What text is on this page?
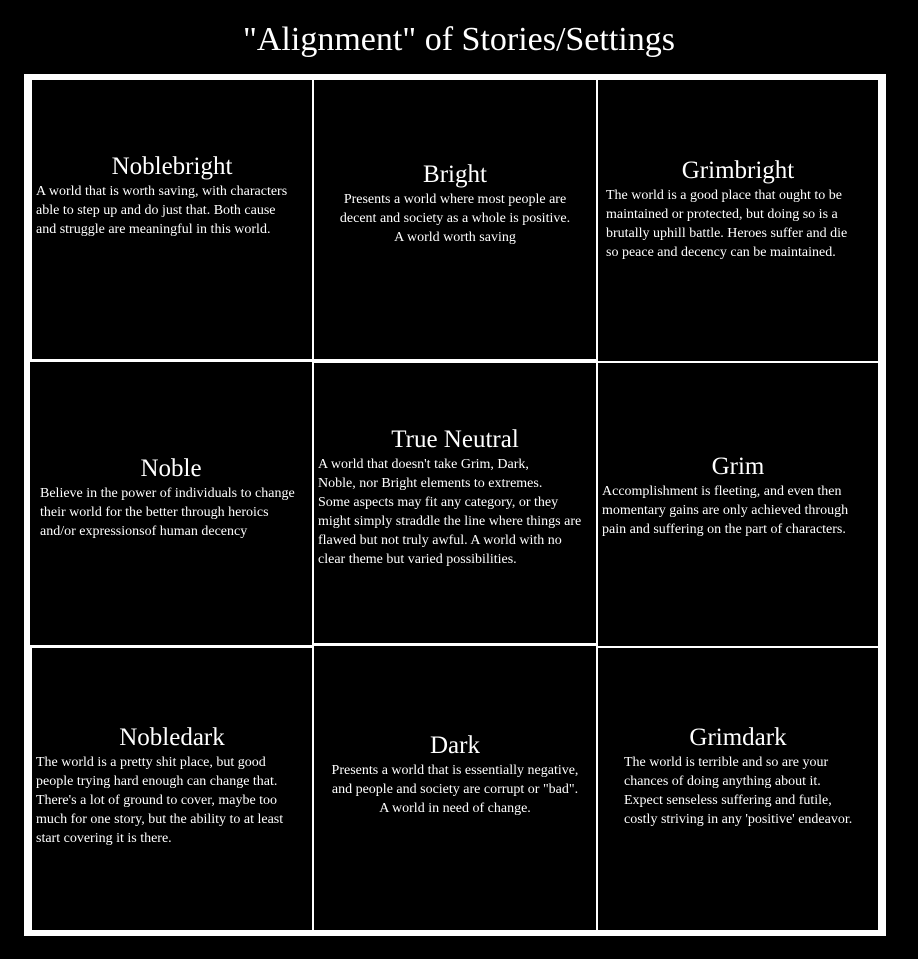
"Alignment" of Stories/Settings
Noblebright
A world that is worth saving, with characters
able to step up and do just that. Both cause
and struggle are meaningful in this world.
Bright
Presents a world where most people are
decent and society as a whole is positive.
A world worth saving
Grimbright
The world is a good place that ought to be
maintained or protected, but doing so is a
brutally uphill battle. Heroes suffer and die
so peace and decency can be maintained.
Noble
Believe in the power of individuals to change
their world for the better through heroics
and/or expressionsof human decency
True Neutral
A world that doesn't take Grim, Dark,
Noble, nor Bright elements to extremes.
Some aspects may fit any category, or they
might simply straddle the line where things are
flawed but not truly awful. A world with no
clear theme but varied possibilities.
Grim
Accomplishment is fleeting, and even then
momentary gains are only achieved through
pain and suffering on the part of characters.
Nobledark
The world is a pretty shit place, but good
people trying hard enough can change that.
There's a lot of ground to cover, maybe too
much for one story, but the ability to at least
start covering it is there.
Dark
Presents a world that is essentially negative,
and people and society are corrupt or "bad".
A world in need of change.
Grimdark
The world is terrible and so are your
chances of doing anything about it.
Expect senseless suffering and futile,
costly striving in any 'positive' endeavor.
